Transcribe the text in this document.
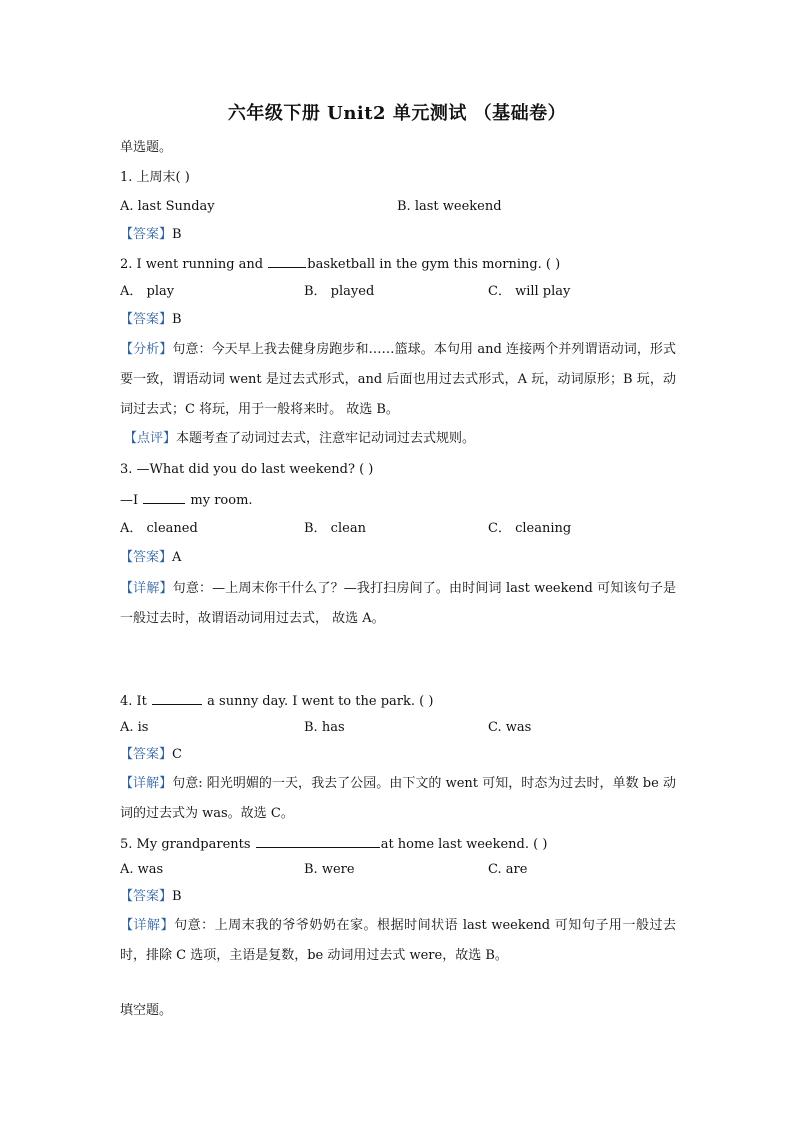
六年级下册 Unit2 单元测试 （基础卷）
单选题。
1. 上周末( )
A. last Sunday	B. last weekend
【答案】B
2. I went running and	basketball in the gym this morning. ( )
A． play	B． played	C． will play
【答案】B
【分析】句意：今天早上我去健身房跑步和……篮球。本句用 and 连接两个并列谓语动词，形式要一致，谓语动词 went 是过去式形式，and 后面也用过去式形式，A 玩，动词原形；B 玩，动词过去式；C 将玩，用于一般将来时。 故选 B。
【点评】本题考查了动词过去式，注意牢记动词过去式规则。
3. —What did you do last weekend? ( )
—I	my room.
A． cleaned	B． clean	C． cleaning
【答案】A
【详解】句意：—上周末你干什么了？—我打扫房间了。由时间词 last weekend 可知该句子是一般过去时，故谓语动词用过去式， 故选 A。
4. It	a sunny day. I went to the park. ( )
A. is	B. has	C. was
【答案】C
【详解】句意: 阳光明媚的一天，我去了公园。由下文的 went 可知，时态为过去时，单数 be 动词的过去式为 was。故选 C。
5. My grandparents	at home last weekend. ( )
A. was	B. were	C. are
【答案】B
【详解】句意：上周末我的爷爷奶奶在家。根据时间状语 last weekend 可知句子用一般过去时，排除 C 选项，主语是复数，be 动词用过去式 were，故选 B。
填空题。
